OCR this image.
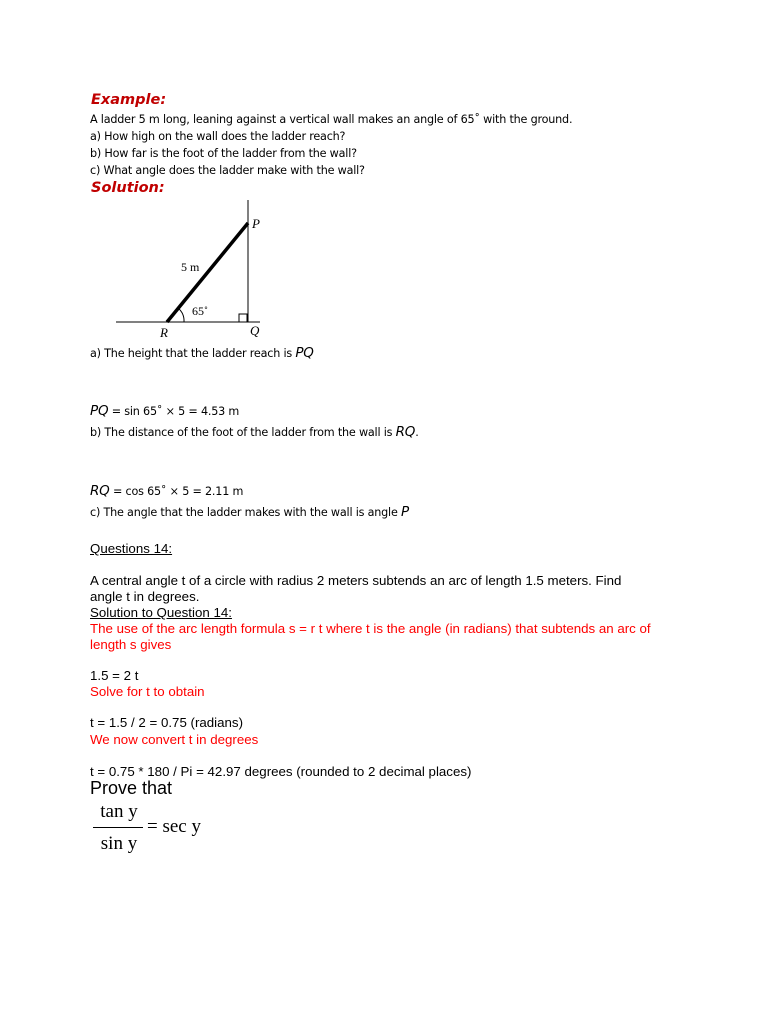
Example:
A ladder 5 m long, leaning against a vertical wall makes an angle of 65˚ with the ground.
a) How high on the wall does the ladder reach?
b) How far is the foot of the ladder from the wall?
c) What angle does the ladder make with the wall?
Solution:
P
Q
R
5 m
65˚
a) The height that the ladder reach is PQ
PQ = sin 65˚ × 5 = 4.53 m
b) The distance of the foot of the ladder from the wall is RQ.
RQ = cos 65˚ × 5 = 2.11 m
c) The angle that the ladder makes with the wall is angle P
Questions 14:
A central angle t of a circle with radius 2 meters subtends an arc of length 1.5 meters. Find
angle t in degrees.
Solution to Question 14:
The use of the arc length formula s = r t where t is the angle (in radians) that subtends an arc of
length s gives
1.5 = 2 t
Solve for t to obtain
t = 1.5 / 2 = 0.75 (radians)
We now convert t in degrees
t = 0.75 * 180 / Pi = 42.97 degrees (rounded to 2 decimal places)
Prove that
tan y
sin y
= sec y
